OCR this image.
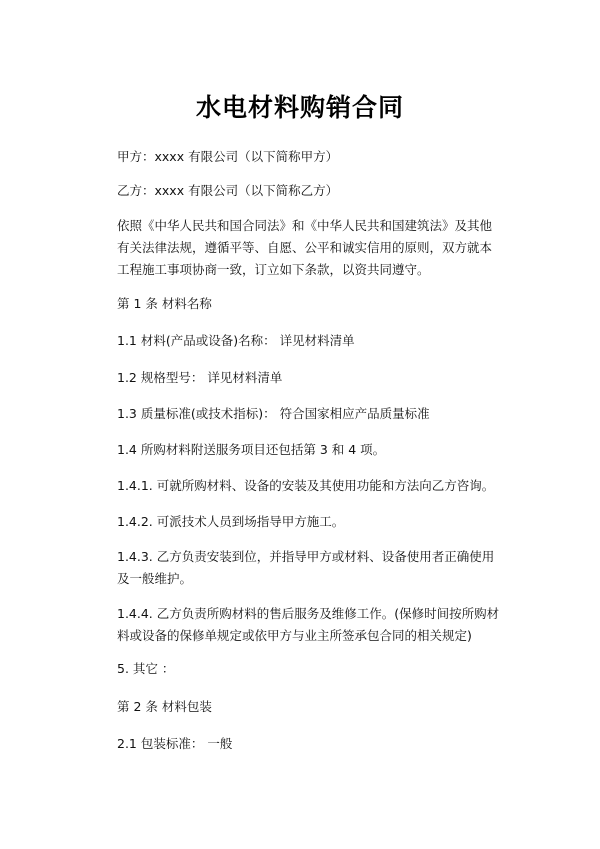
水电材料购销合同
甲方：xxxx 有限公司（以下简称甲方）
乙方：xxxx 有限公司（以下简称乙方）
依照《中华人民共和国合同法》和《中华人民共和国建筑法》及其他有关法律法规，遵循平等、自愿、公平和诚实信用的原则，双方就本工程施工事项协商一致，订立如下条款，以资共同遵守。
第 1 条 材料名称
1.1 材料(产品或设备)名称： 详见材料清单
1.2 规格型号： 详见材料清单
1.3 质量标准(或技术指标)： 符合国家相应产品质量标准
1.4 所购材料附送服务项目还包括第 3 和 4 项。
1.4.1. 可就所购材料、设备的安装及其使用功能和方法向乙方咨询。
1.4.2. 可派技术人员到场指导甲方施工。
1.4.3. 乙方负责安装到位，并指导甲方或材料、设备使用者正确使用及一般维护。
1.4.4. 乙方负责所购材料的售后服务及维修工作。(保修时间按所购材料或设备的保修单规定或依甲方与业主所签承包合同的相关规定)
5. 其它 ：
第 2 条 材料包装
2.1 包装标准： 一般
